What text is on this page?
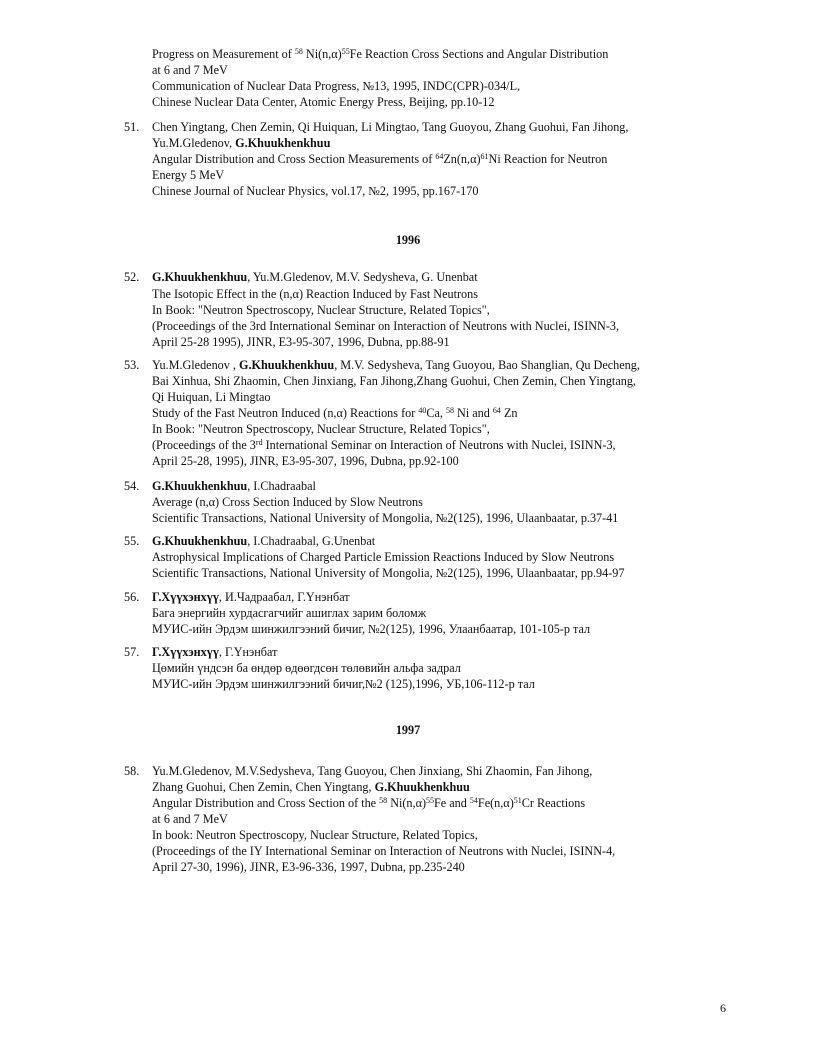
Progress on Measurement of $^{58}$ $Ni(n,\alpha)^{55}Fe$ Reaction Cross Sections and Angular Distribution
at 6 and 7 MeV
Communication of Nuclear Data Progress, №13, 1995, INDC(CPR)-034/L,
Chinese Nuclear Data Center, Atomic Energy Press, Beijing, pp.10-12
51. Chen Yingtang, Chen Zemin, Qi Huiquan, Li Mingtao, Tang Guoyou, Zhang Guohui, Fan Jihong,
Yu.M.Gledenov, G.Khuukhenkhuu
Angular Distribution and Cross Section Measurements of $^{64}Zn(n,\alpha)^{61}Ni$ Reaction for Neutron
Energy 5 MeV
Chinese Journal of Nuclear Physics, vol.17, №2, 1995, pp.167-170
1996
52. G.Khuukhenkhuu, Yu.M.Gledenov, M.V. Sedysheva, G. Unenbat
The Isotopic Effect in the (n,α) Reaction Induced by Fast Neutrons
In Book: "Neutron Spectroscopy, Nuclear Structure, Related Topics",
(Proceedings of the 3rd International Seminar on Interaction of Neutrons with Nuclei, ISINN-3,
April 25-28 1995), JINR, E3-95-307, 1996, Dubna, pp.88-91
53. Yu.M.Gledenov , G.Khuukhenkhuu, M.V. Sedysheva, Tang Guoyou, Bao Shanglian, Qu Decheng,
Bai Xinhua, Shi Zhaomin, Chen Jinxiang, Fan Jihong,Zhang Guohui, Chen Zemin, Chen Yingtang,
Qi Huiquan, Li Mingtao
Study of the Fast Neutron Induced (n,α) Reactions for $^{40}$Ca, $^{58}$ Ni and $^{64}$ Zn
In Book: "Neutron Spectroscopy, Nuclear Structure, Related Topics",
(Proceedings of the 3rd International Seminar on Interaction of Neutrons with Nuclei, ISINN-3,
April 25-28, 1995), JINR, E3-95-307, 1996, Dubna, pp.92-100
54. G.Khuukhenkhuu, I.Chadraabal
Average (n,α) Cross Section Induced by Slow Neutrons
Scientific Transactions, National University of Mongolia, №2(125), 1996, Ulaanbaatar, p.37-41
55. G.Khuukhenkhuu, I.Chadraabal, G.Unenbat
Astrophysical Implications of Charged Particle Emission Reactions Induced by Slow Neutrons
Scientific Transactions, National University of Mongolia, №2(125), 1996, Ulaanbaatar, pp.94-97
56. Г.Хүүхэнхүү, И.Чадраабал, Г.Үнэнбат
Бага энергийн хурдасгагчийг ашиглах зарим боломж
МУИС-ийн Эрдэм шинжилгээний бичиг, №2(125), 1996, Улаанбаатар, 101-105-р тал
57. Г.Хүүхэнхүү, Г.Үнэнбат
Цөмийн үндсэн ба өндөр өдөөгдсөн төлөвийн альфа задрал
МУИС-ийн Эрдэм шинжилгээний бичиг,№2 (125),1996, УБ,106-112-р тал
1997
58. Yu.M.Gledenov, M.V.Sedysheva, Tang Guoyou, Chen Jinxiang, Shi Zhaomin, Fan Jihong,
Zhang Guohui, Chen Zemin, Chen Yingtang, G.Khuukhenkhuu
Angular Distribution and Cross Section of the $^{58}$ $Ni(n,\alpha)^{55}Fe$ and $^{54}Fe(n,\alpha)^{51}Cr$ Reactions
at 6 and 7 MeV
In book: Neutron Spectroscopy, Nuclear Structure, Related Topics,
(Proceedings of the IY International Seminar on Interaction of Neutrons with Nuclei, ISINN-4,
April 27-30, 1996), JINR, E3-96-336, 1997, Dubna, pp.235-240
6
